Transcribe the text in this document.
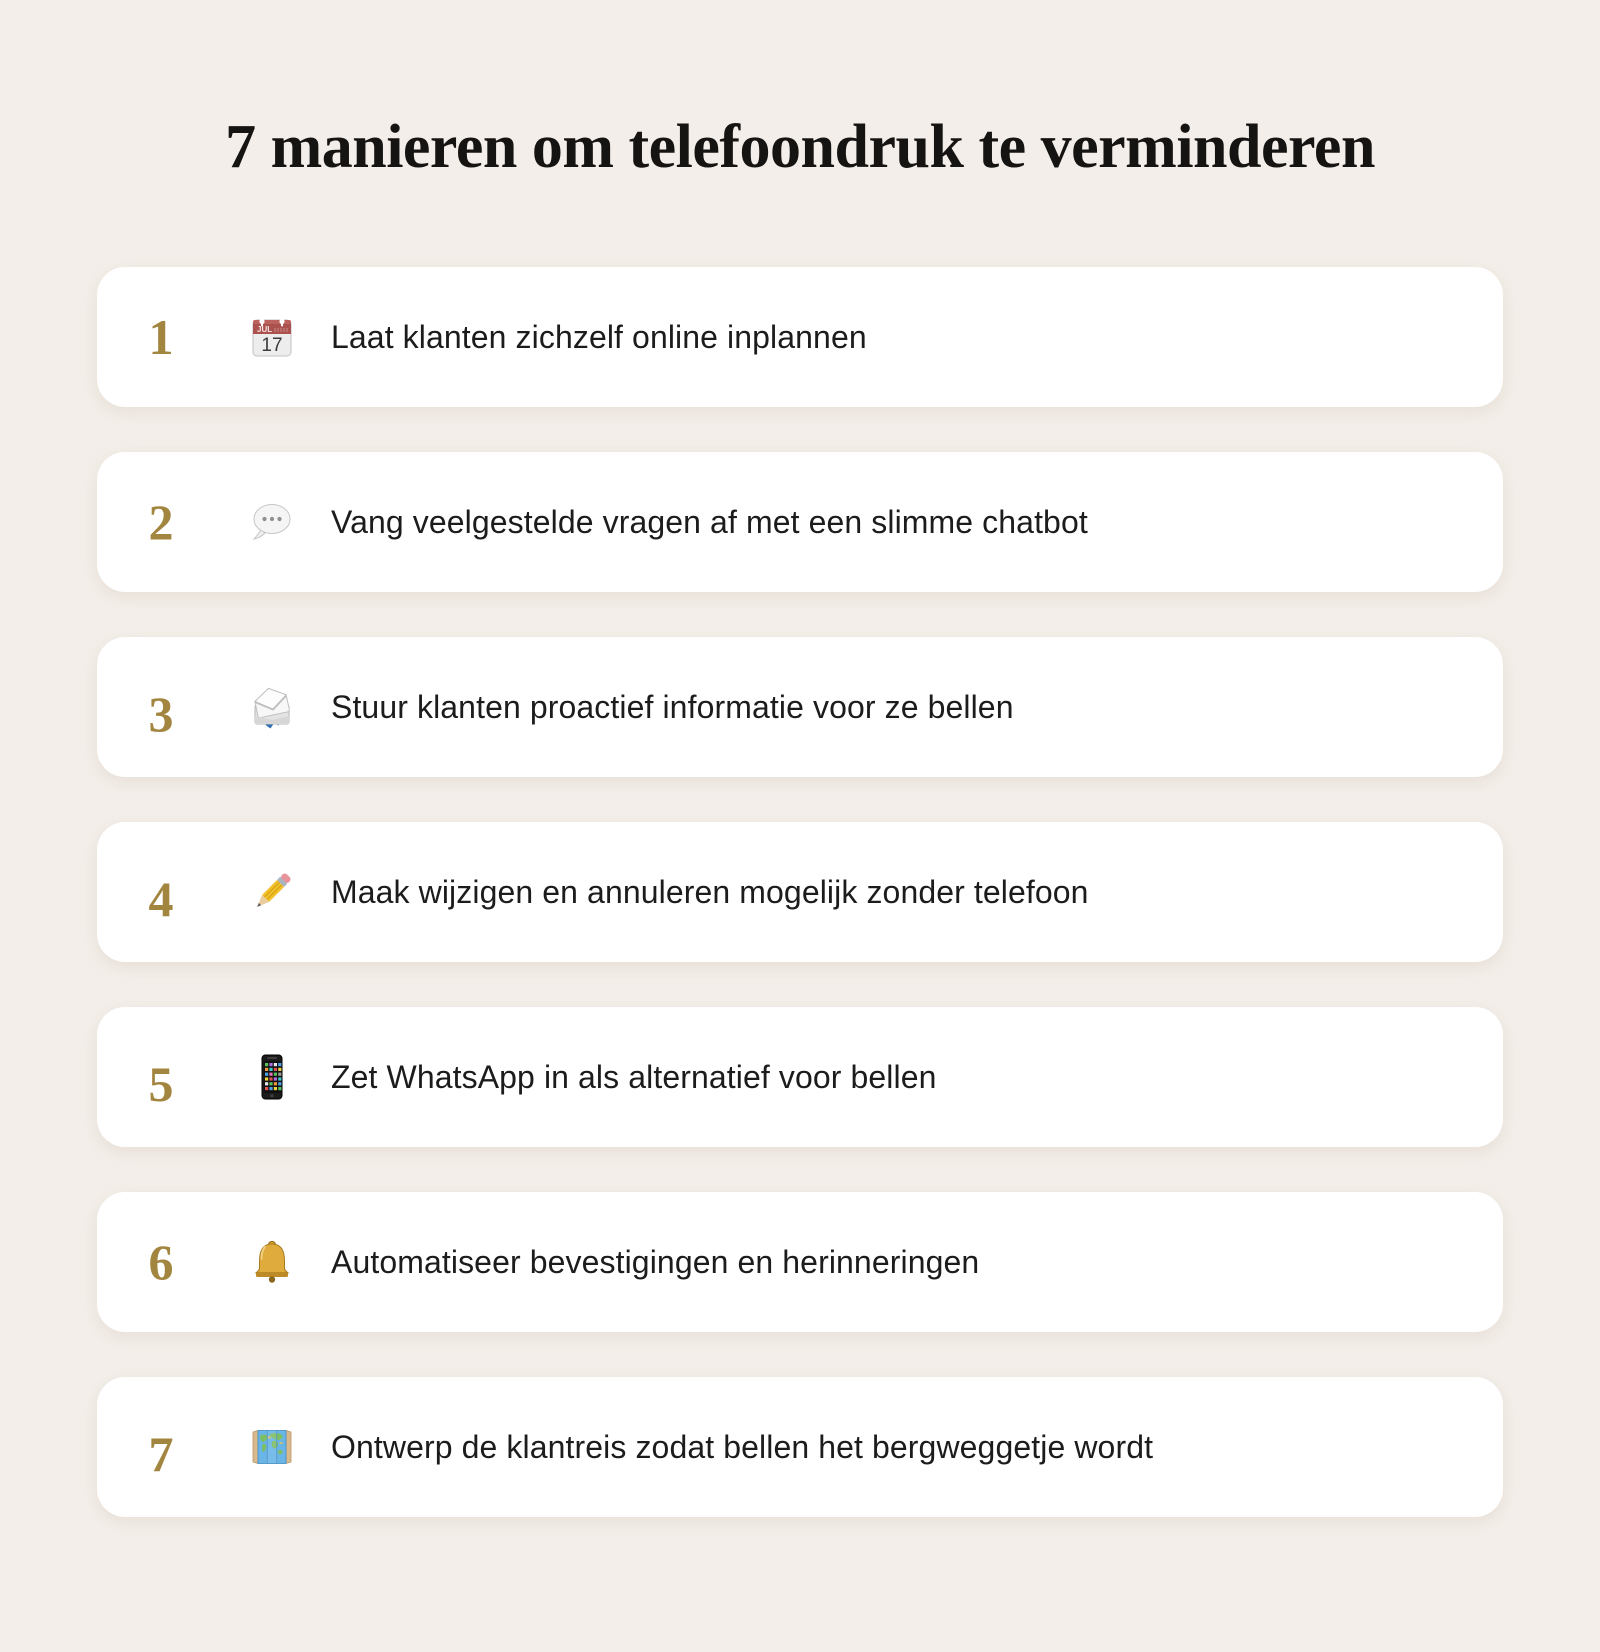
7 manieren om telefoondruk te verminderen
1	JUL
17 Laat klanten zichzelf online inplannen
2	Vang veelgestelde vragen af met een slimme chatbot
3	Stuur klanten proactief informatie voor ze bellen
4	Maak wijzigen en annuleren mogelijk zonder telefoon
5	Zet WhatsApp in als alternatief voor bellen
6	Automatiseer bevestigingen en herinneringen
7	Ontwerp de klantreis zodat bellen het bergweggetje wordt
